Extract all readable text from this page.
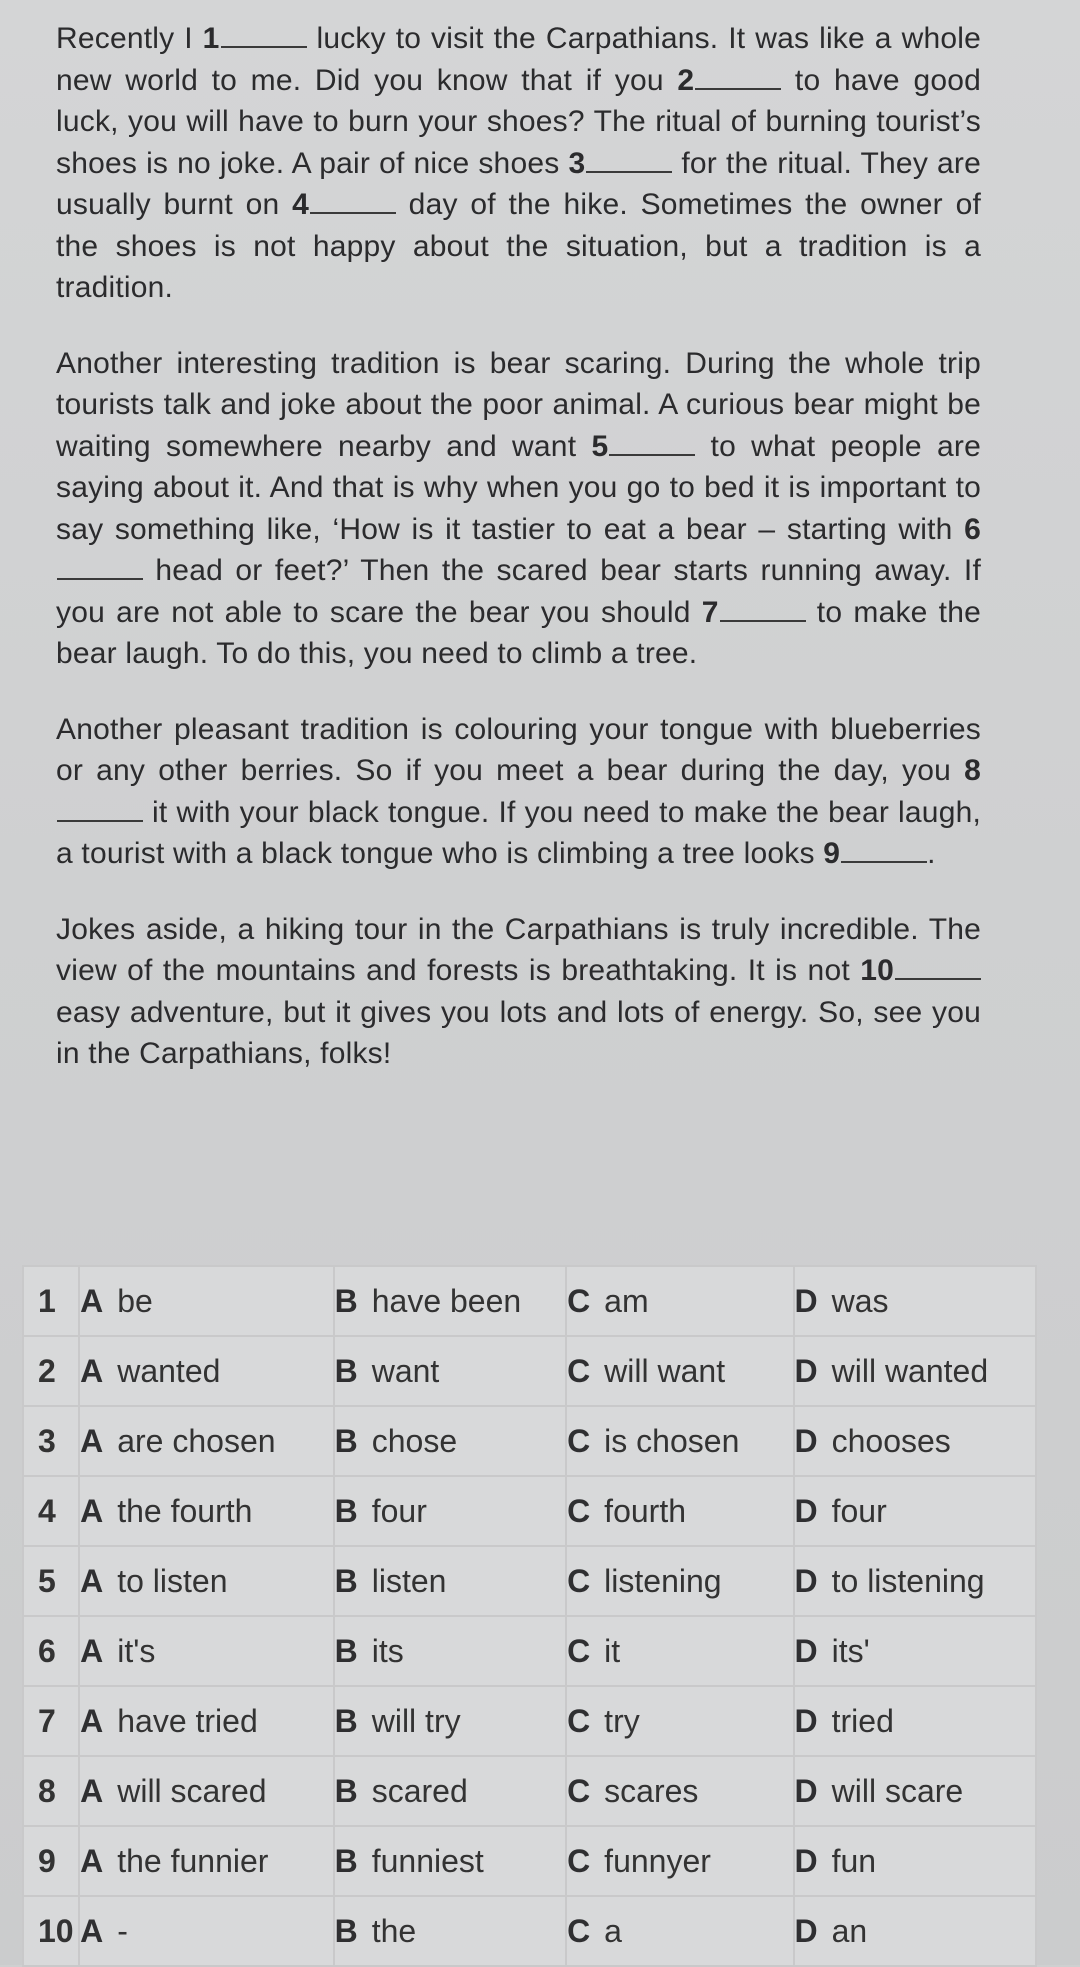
Recently I 1	lucky to visit the Carpathians. It was like a whole new world to me. Did you know that if you 2	to have good luck, you will have to burn your shoes? The ritual of burning tourist’s shoes is no joke. A pair of nice shoes 3	for the ritual. They are usually burnt on 4	day of the hike. Sometimes the owner of the shoes is not happy about the situation, but a tradition is a tradition.

Another interesting tradition is bear scaring. During the whole trip tourists talk and joke about the poor animal. A curious bear might be waiting somewhere nearby and want 5	to what people are saying about it. And that is why when you go to bed it is important to say something like, ‘How is it tastier to eat a bear – starting with 6 head or feet?’ Then the scared bear starts running away. If you are not able to scare the bear you should 7	to make the bear laugh. To do this, you need to climb a tree.

Another pleasant tradition is colouring your tongue with blueberries or any other berries. So if you meet a bear during the day, you 8 it with your black tongue. If you need to make the bear laugh, a tourist with a black tongue who is climbing a tree looks 9	.

Jokes aside, a hiking tour in the Carpathians is truly incredible. The view of the mountains and forests is breathtaking. It is not 10 easy adventure, but it gives you lots and lots of energy. So, see you in the Carpathians, folks!

1	A be	B have been	C am	D was
2	A wanted	B want	C will want	D will wanted
3	A are chosen	B chose	C is chosen	D chooses
4	A the fourth	B four	C fourth	D four
5	A to listen	B listen	C listening	D to listening
6	A it's	B its	C it	D its'
7	A have tried	B will try	C try	D tried
8	A will scared	B scared	C scares	D will scare
9	A the funnier	B funniest	C funnyer	D fun
10	A -	B the	C a	D an
